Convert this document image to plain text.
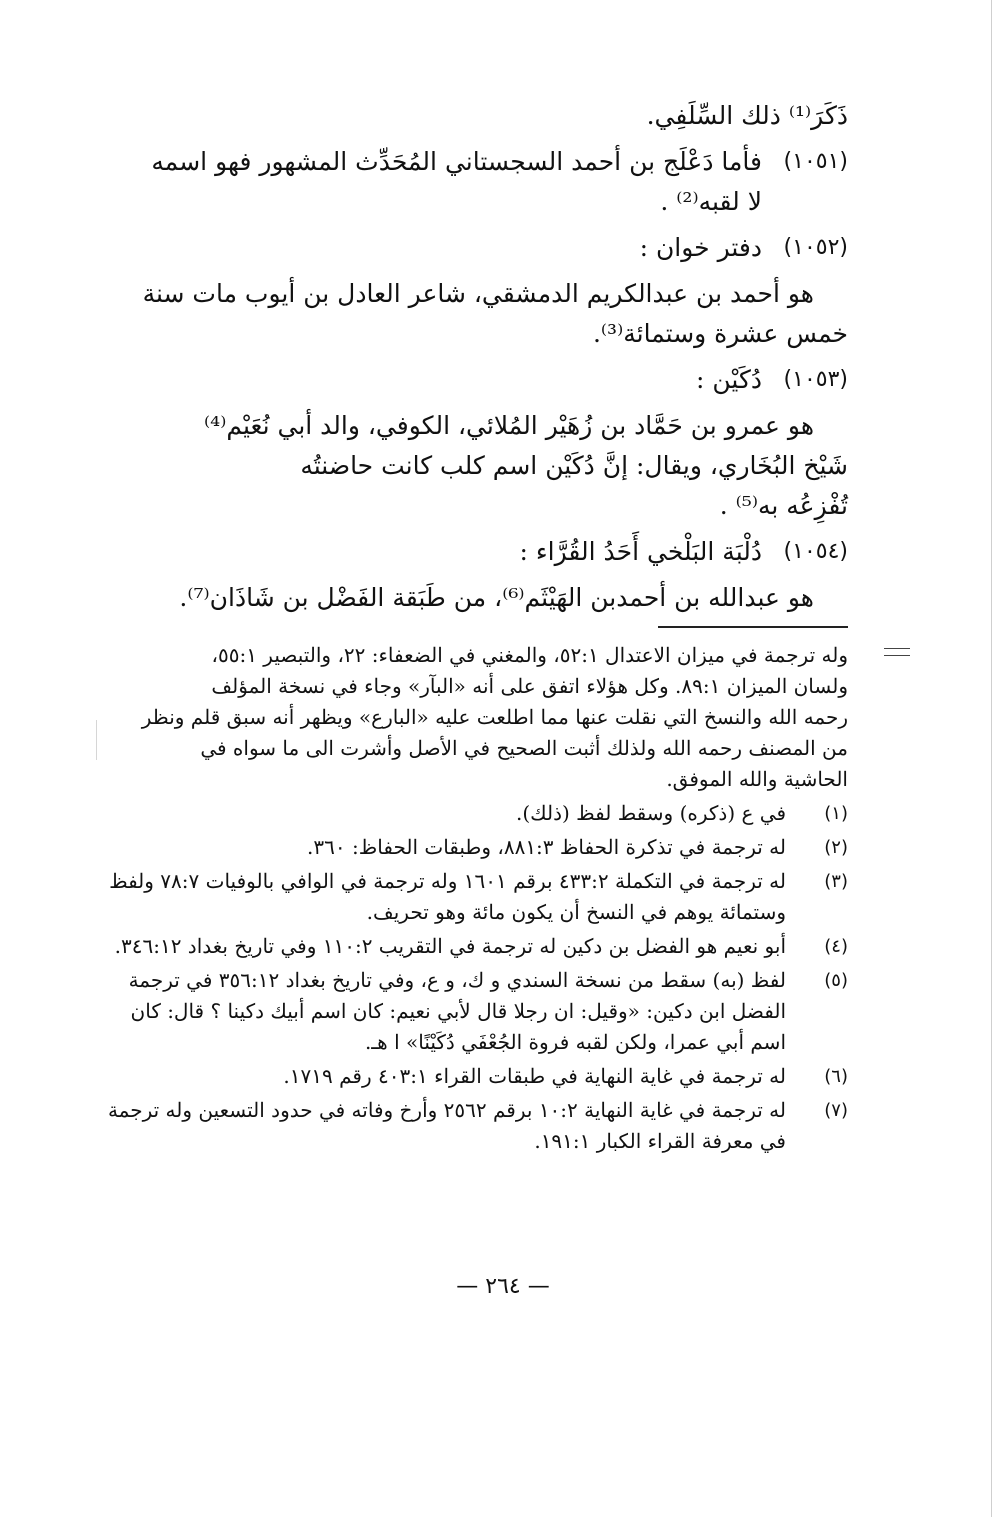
ذَكَرَ⁽¹⁾ ذلك السِّلَفِي.
(١٠٥١)
فأما دَعْلَج بن أحمد السجستاني المُحَدِّث المشهور فهو اسمه
لا لقبه⁽²⁾ .
(١٠٥٢)
دفتر خوان :
هو أحمد بن عبدالكريم الدمشقي، شاعر العادل بن أيوب مات سنة
خمس عشرة وستمائة⁽³⁾.
(١٠٥٣)
دُكَيْن :
هو عمرو بن حَمَّاد بن زُهَيْر المُلائي، الكوفي، والد أبي نُعَيْم⁽⁴⁾
شَيْخ البُخَاري، ويقال: إنَّ دُكَيْن اسم كلب كانت حاضنتُه
تُفْزِعُه به⁽⁵⁾ .
(١٠٥٤)
دُلْبَة البَلْخي أَحَدُ القُرَّاء :
هو عبدالله بن أحمدبن الهَيْثَم⁽⁶⁾، من طَبَقة الفَضْل بن شَاذَان⁽⁷⁾.
وله ترجمة في ميزان الاعتدال ٥٢:١، والمغني في الضعفاء: ٢٢، والتبصير ٥٥:١،
ولسان الميزان ٨٩:١. وكل هؤلاء اتفق على أنه «البآر» وجاء في نسخة المؤلف
رحمه الله والنسخ التي نقلت عنها مما اطلعت عليه «البارع» ويظهر أنه سبق قلم ونظر
من المصنف رحمه الله ولذلك أثبت الصحيح في الأصل وأشرت الى ما سواه في
الحاشية والله الموفق.
(١)
في ع (ذكره) وسقط لفظ (ذلك).
(٢)
له ترجمة في تذكرة الحفاظ ٨٨١:٣، وطبقات الحفاظ: ٣٦٠.
(٣)
له ترجمة في التكملة ٤٣٣:٢ برقم ١٦٠١ وله ترجمة في الوافي بالوفيات ٧٨:٧ ولفظ
وستمائة يوهم في النسخ أن يكون مائة وهو تحريف.
(٤)
أبو نعيم هو الفضل بن دكين له ترجمة في التقريب ١١٠:٢ وفي تاريخ بغداد ٣٤٦:١٢.
(٥)
لفظ (به) سقط من نسخة السندي و ك، و ع، وفي تاريخ بغداد ٣٥٦:١٢ في ترجمة
الفضل ابن دكين: «وقيل: ان رجلا قال لأبي نعيم: كان اسم أبيك دكينا ؟ قال: كان
اسم أبي عمرا، ولكن لقبه فروة الجُعْفَي دُكَيْنًا» ا هـ.
(٦)
له ترجمة في غاية النهاية في طبقات القراء ٤٠٣:١ رقم ١٧١٩.
(٧)
له ترجمة في غاية النهاية ١٠:٢ برقم ٢٥٦٢ وأرخ وفاته في حدود التسعين وله ترجمة
في معرفة القراء الكبار ١٩١:١.
— ٢٦٤ —
